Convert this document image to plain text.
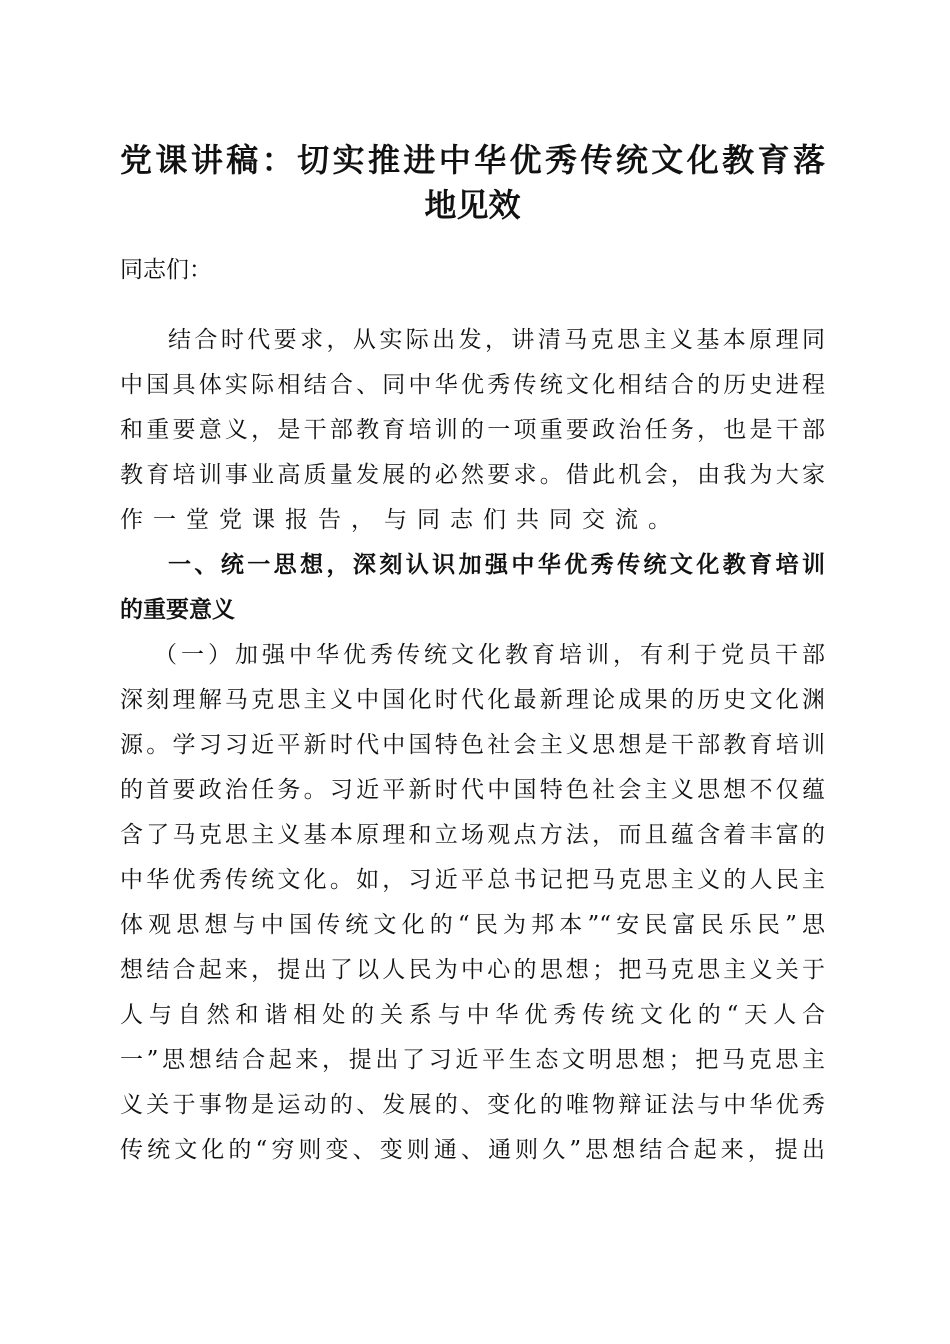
党课讲稿：切实推进中华优秀传统文化教育落
地见效
同志们：
结合时代要求，从实际出发，讲清马克思主义基本原理同
中国具体实际相结合、同中华优秀传统文化相结合的历史进程
和重要意义，是干部教育培训的一项重要政治任务，也是干部
教育培训事业高质量发展的必然要求。借此机会，由我为大家
作一堂党课报告，与同志们共同交流。
一、统一思想，深刻认识加强中华优秀传统文化教育培训
的重要意义
（一）加强中华优秀传统文化教育培训，有利于党员干部
深刻理解马克思主义中国化时代化最新理论成果的历史文化渊
源。学习习近平新时代中国特色社会主义思想是干部教育培训
的首要政治任务。习近平新时代中国特色社会主义思想不仅蕴
含了马克思主义基本原理和立场观点方法，而且蕴含着丰富的
中华优秀传统文化。如，习近平总书记把马克思主义的人民主
体观思想与中国传统文化的“民为邦本”“安民富民乐民”思
想结合起来，提出了以人民为中心的思想；把马克思主义关于
人与自然和谐相处的关系与中华优秀传统文化的“天人合
一”思想结合起来，提出了习近平生态文明思想；把马克思主
义关于事物是运动的、发展的、变化的唯物辩证法与中华优秀
传统文化的“穷则变、变则通、通则久”思想结合起来，提出
